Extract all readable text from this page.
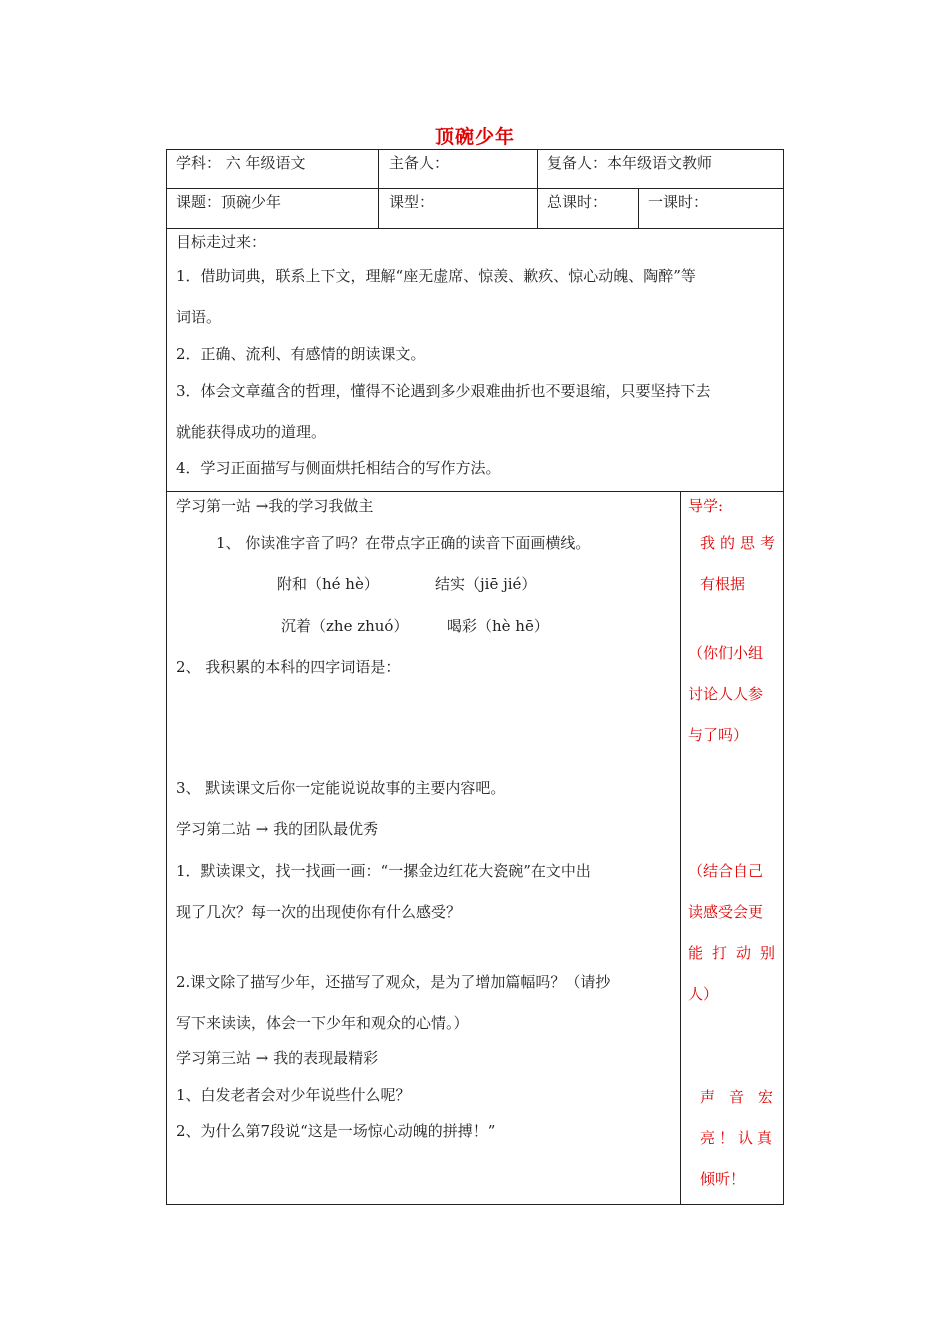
顶碗少年
学科： 六 年级语文	主备人：	复备人：本年级语文教师
课题：顶碗少年	课型：	总课时：	一课时：
目标走过来：
1．借助词典，联系上下文，理解“座无虚席、惊羡、歉疚、惊心动魄、陶醉”等
词语。
2．正确、流利、有感情的朗读课文。
3．体会文章蕴含的哲理，懂得不论遇到多少艰难曲折也不要退缩，只要坚持下去
就能获得成功的道理。
4．学习正面描写与侧面烘托相结合的写作方法。
学习第一站 →我的学习我做主
1、 你读准字音了吗？在带点字正确的读音下面画横线。
附和（hé hè）	结实（jiē jié）
沉着（zhe zhuó）	喝彩（hè hē）
2、 我积累的本科的四字词语是：
3、 默读课文后你一定能说说故事的主要内容吧。
学习第二站 → 我的团队最优秀
1．默读课文，找一找画一画：“一摞金边红花大瓷碗”在文中出
现了几次？每一次的出现使你有什么感受？
2.课文除了描写少年，还描写了观众，是为了增加篇幅吗？（请抄
写下来读读，体会一下少年和观众的心情。）
学习第三站 → 我的表现最精彩
1、白发老者会对少年说些什么呢？
2、为什么第7段说“这是一场惊心动魄的拼搏！”
导学:
我的思考
有根据
（你们小组
讨论人人参
与了吗）
（结合自己
读感受会更
能打动别
人）
声音宏
亮！认真
倾听！
